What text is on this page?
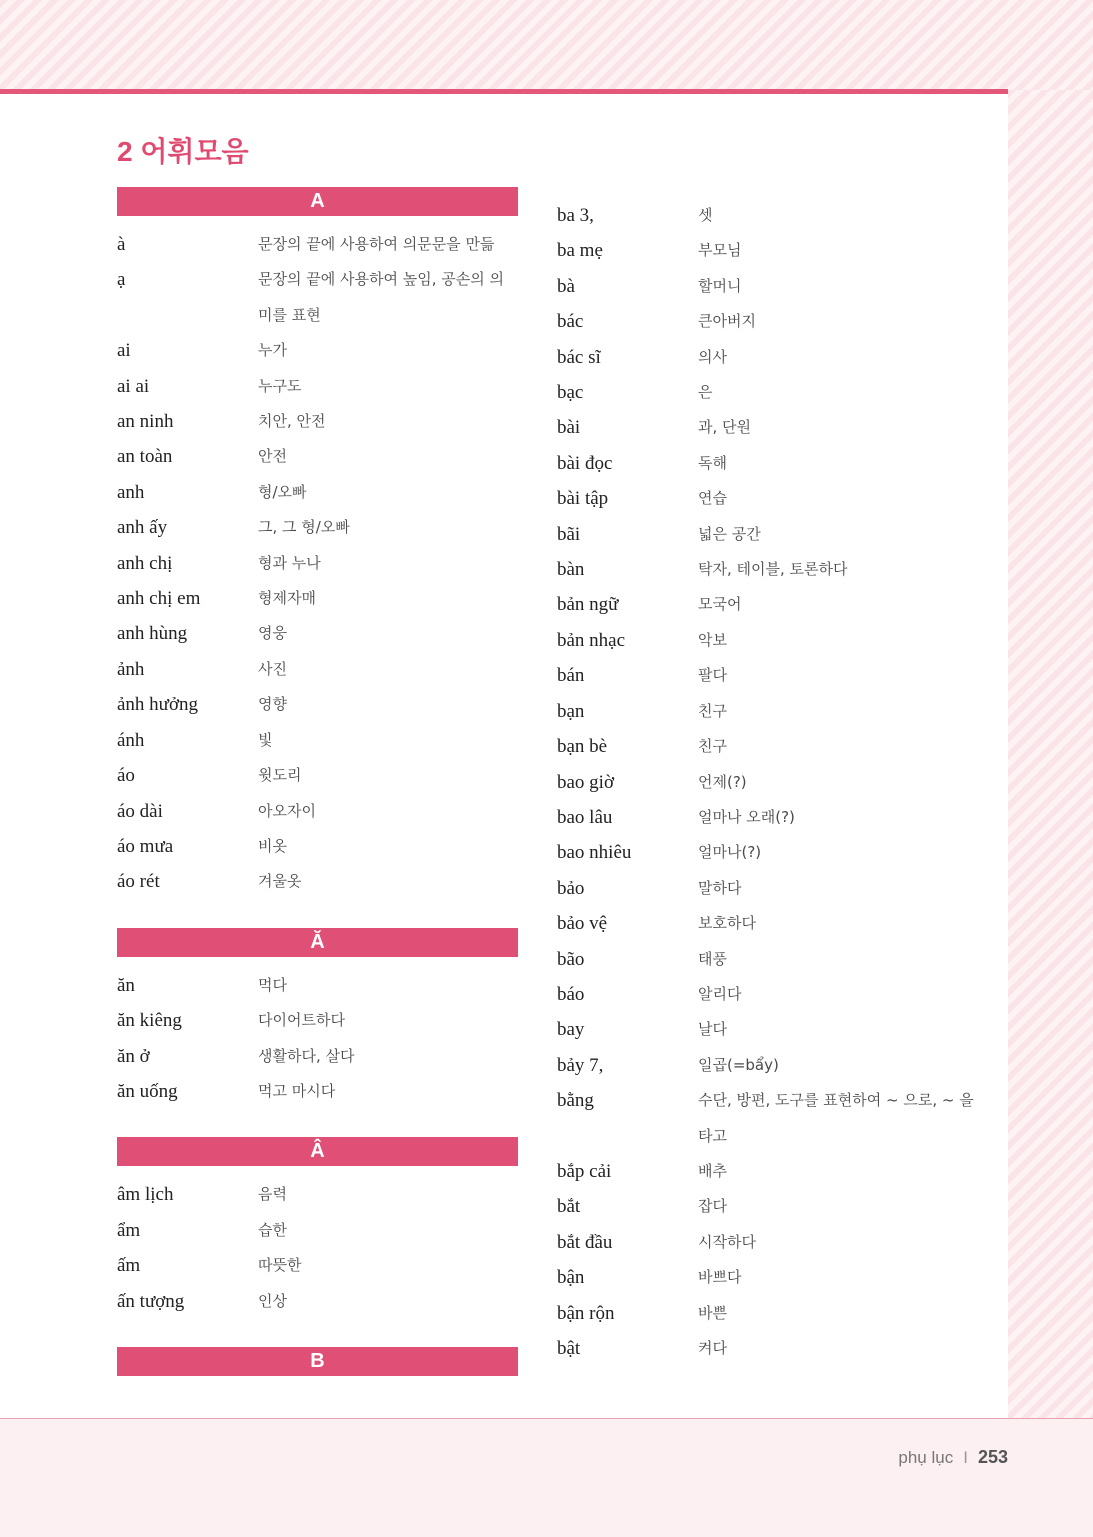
2 어휘모음
A
à	문장의 끝에 사용하여 의문문을 만듦
ạ	문장의 끝에 사용하여 높임, 공손의 의미를 표현
ai	누가
ai ai	누구도
an ninh	치안, 안전
an toàn	안전
anh	형/오빠
anh ấy	그, 그 형/오빠
anh chị	형과 누나
anh chị em	형제자매
anh hùng	영웅
ảnh	사진
ảnh hưởng	영향
ánh	빛
áo	윗도리
áo dài	아오자이
áo mưa	비옷
áo rét	겨울옷
Ă
ăn	먹다
ăn kiêng	다이어트하다
ăn ở	생활하다, 살다
ăn uống	먹고 마시다
Â
âm lịch	음력
ẩm	습한
ấm	따뜻한
ấn tượng	인상
B
ba 3,	셋
ba mẹ	부모님
bà	할머니
bác	큰아버지
bác sĩ	의사
bạc	은
bài	과, 단원
bài đọc	독해
bài tập	연습
bãi	넓은 공간
bàn	탁자, 테이블, 토론하다
bản ngữ	모국어
bản nhạc	악보
bán	팔다
bạn	친구
bạn bè	친구
bao giờ	언제(?)
bao lâu	얼마나 오래(?)
bao nhiêu	얼마나(?)
bảo	말하다
bảo vệ	보호하다
bão	태풍
báo	알리다
bay	날다
bảy 7,	일곱(=bẩy)
bằng	수단, 방편, 도구를 표현하여 ~ 으로, ~ 을 타고
bắp cải	배추
bắt	잡다
bắt đầu	시작하다
bận	바쁘다
bận rộn	바쁜
bật	켜다
phụ lục I 253
